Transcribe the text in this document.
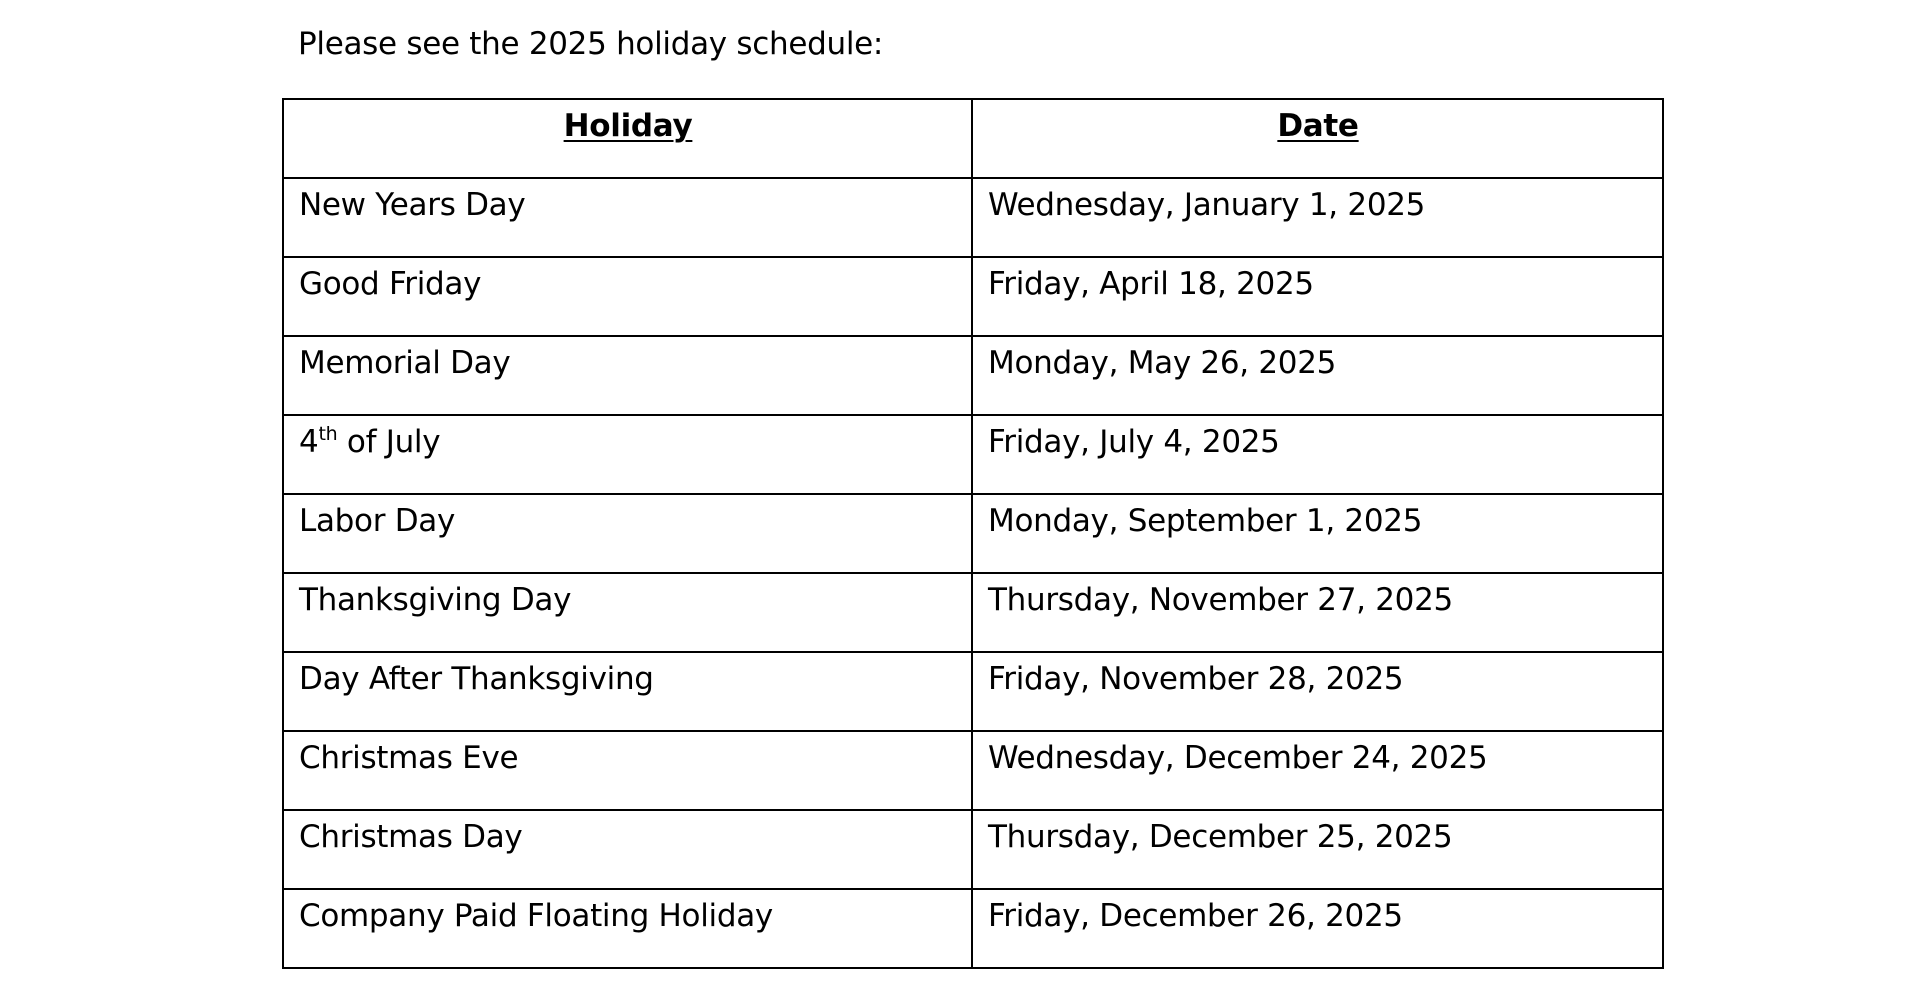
Please see the 2025 holiday schedule:
Holiday	Date
New Years Day	Wednesday, January 1, 2025
Good Friday	Friday, April 18, 2025
Memorial Day	Monday, May 26, 2025
4th of July	Friday, July 4, 2025
Labor Day	Monday, September 1, 2025
Thanksgiving Day	Thursday, November 27, 2025
Day After Thanksgiving	Friday, November 28, 2025
Christmas Eve	Wednesday, December 24, 2025
Christmas Day	Thursday, December 25, 2025
Company Paid Floating Holiday	Friday, December 26, 2025
